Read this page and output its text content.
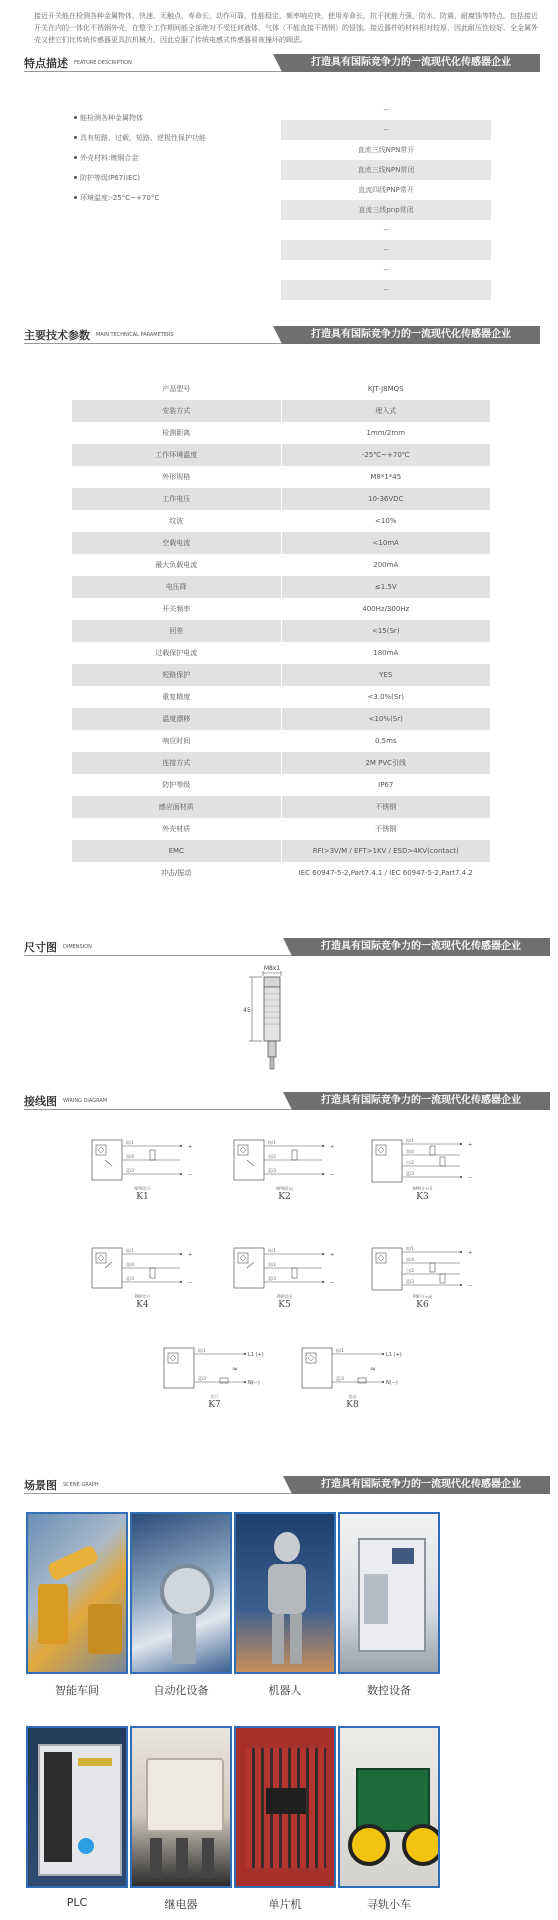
接近开关能在检测各种金属物体，快速、无触点、寿命长，动作可靠，性能稳定，频率响应快，使用寿命长，抗干扰能力强，防水，防震，耐腐蚀等特点。包括接近开关在内的一体化不锈钢外壳，在整个工作期间能全部绝对不受任何液体，气体（不能直接不锈钢）的侵蚀。接近器件的材料相对较厚，因此耐压性较好。全金属外壳又使它们比传统传感器更具抗机械力，因此克服了传统电感式传感器易被撞坏的顾虑。

特点描述 FEATURE DESCRIPTION	打造具有国际竞争力的一流现代化传感器企业
能检测各种金属物体
具有短路、过载、短路、逆极性保护功能
外壳材料:镀铜合金
防护等级IP67(IEC)
环境温度:-25°C~+70°C
--
--
直流三线NPN常开
直流三线NPN常闭
直流四线PNP常开
直流三线pnp常闭
--
--
--
--
主要技术参数 MAIN TECHNICAL PARAMETERS	打造具有国际竞争力的一流现代化传感器企业
产品型号	KJT-J8MQS
安装方式	埋入式
检测距离	1mm/2mm
工作环境温度	-25℃~+70℃
外形规格	M8*1*45
工作电压	10-36VDC
纹波	<10%
空载电流	<10mA
最大负载电流	200mA
电压降	≤1.5V
开关频率	400Hz/300Hz
回差	<15(Sr)
过载保护电流	180mA
短路保护	YES
重复精度	<3.0%(Sr)
温度漂移	<10%(Sr)
响应时间	0.5ms
连接方式	2M PVC引线
防护等级	IP67
感应面材质	不锈钢
外壳材质	不锈钢
EMC	RFI>3V/M / EFT>1KV / ESD>4KV(contact)
冲击/振动	IEC 60947-5-2,Part7.4.1 / IEC 60947-5-2,Part7.4.2
尺寸图 DIMENSION	打造具有国际竞争力的一流现代化传感器企业
M8x1
45
接线图 WIRING DIAGRAM	打造具有国际竞争力的一流现代化传感器企业
+
−
棕/1
黑/4
蓝/3
NPN常开
K1
+
−
棕/1
黑/2
蓝/3
NPN常闭
K2
+
−
棕/1
黑/4
白/2
蓝/3
NPN开+闭
K3
+
−
棕/1
黑/4
蓝/3
PNP常开
K4
+
−
棕/1
黑/2
蓝/3
PNP常闭
K5
+
−
棕/1
黑/4
白/2
蓝/3
PNP开+闭
K6
≈
L1 (+)
N(−)
棕/1
蓝/3
常开
K7
≈
L1 (+)
N(−)
棕/1
蓝/3
常闭
K8
场景图 SCENE GRAPH	打造具有国际竞争力的一流现代化传感器企业
智能车间	自动化设备	机器人	数控设备
PLC	继电器	单片机	寻轨小车
